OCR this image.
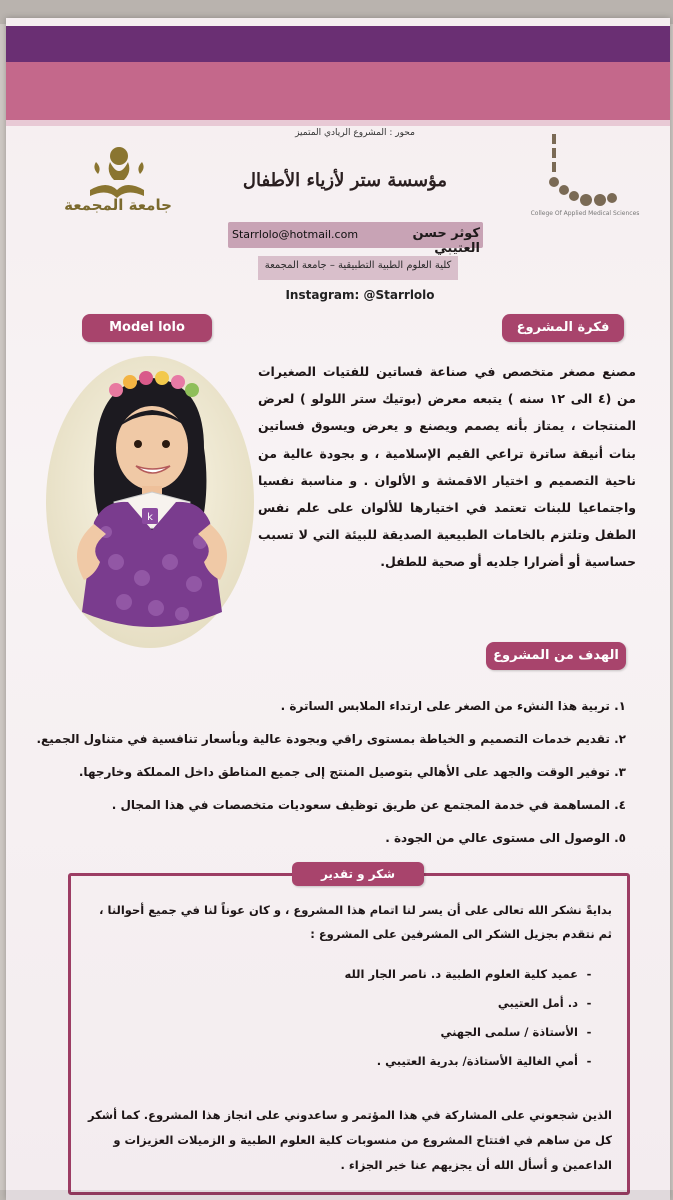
محور : المشروع الريادي المتميز
مؤسسة ستر لأزياء الأطفال
كوثر حسن العتيبي
Starrlolo@hotmail.com
كلية العلوم الطبية التطبيقية – جامعة المجمعة
Instagram: @Starrlolo
جامعة المجمعة	College Of Applied Medical Sciences
Model lolo	فكرة المشروع
الهدف من المشروع
k
مصنع مصغر متخصص في صناعة فساتين للفتيات الصغيرات من (٤ الى ١٢ سنه ) يتبعه معرض (بوتيك ستر اللولو ) لعرض المنتجات ، يمتاز بأنه يصمم ويصنع و يعرض ويسوق فساتين بنات أنيقة ساترة تراعي القيم الإسلامية ، و بجودة عالية من ناحية التصميم و اختيار الاقمشة و الألوان . و مناسبة نفسيا واجتماعيا للبنات تعتمد في اختيارها للألوان على علم نفس الطفل وتلتزم بالخامات الطبيعية الصديقة للبيئة التي لا تسبب حساسية أو أضرارا جلديه أو صحية للطفل.
١. تربية هذا النشء من الصغر على ارتداء الملابس الساترة .
٢. تقديم خدمات التصميم و الخياطة بمستوى راقي وبجودة عالية وبأسعار تنافسية في متناول الجميع.
٣. توفير الوقت والجهد على الأهالي بتوصيل المنتج إلى جميع المناطق داخل المملكة وخارجها.
٤. المساهمة في خدمة المجتمع عن طريق توظيف سعوديات متخصصات في هذا المجال .
٥. الوصول الى مستوى عالي من الجودة .
شكر و تقدير
بدايةً نشكر الله تعالى على أن يسر لنا اتمام هذا المشروع ، و كان عوناً لنا في جميع أحوالنا ، ثم نتقدم بجزيل الشكر الى المشرفين على المشروع :
-عميد كلية العلوم الطبية د. ناصر الجار الله
-د. أمل العتيبي
-الأستاذة / سلمى الجهني
-أمي الغالية الأستاذة/ بدرية العتيبي .
الذين شجعوني على المشاركة في هذا المؤتمر و ساعدوني على انجاز هذا المشروع. كما أشكر كل من ساهم في افتتاح المشروع من منسوبات كلية العلوم الطبية و الزميلات العزيزات و الداعمين و أسأل الله أن يجزيهم عنا خير الجزاء .
